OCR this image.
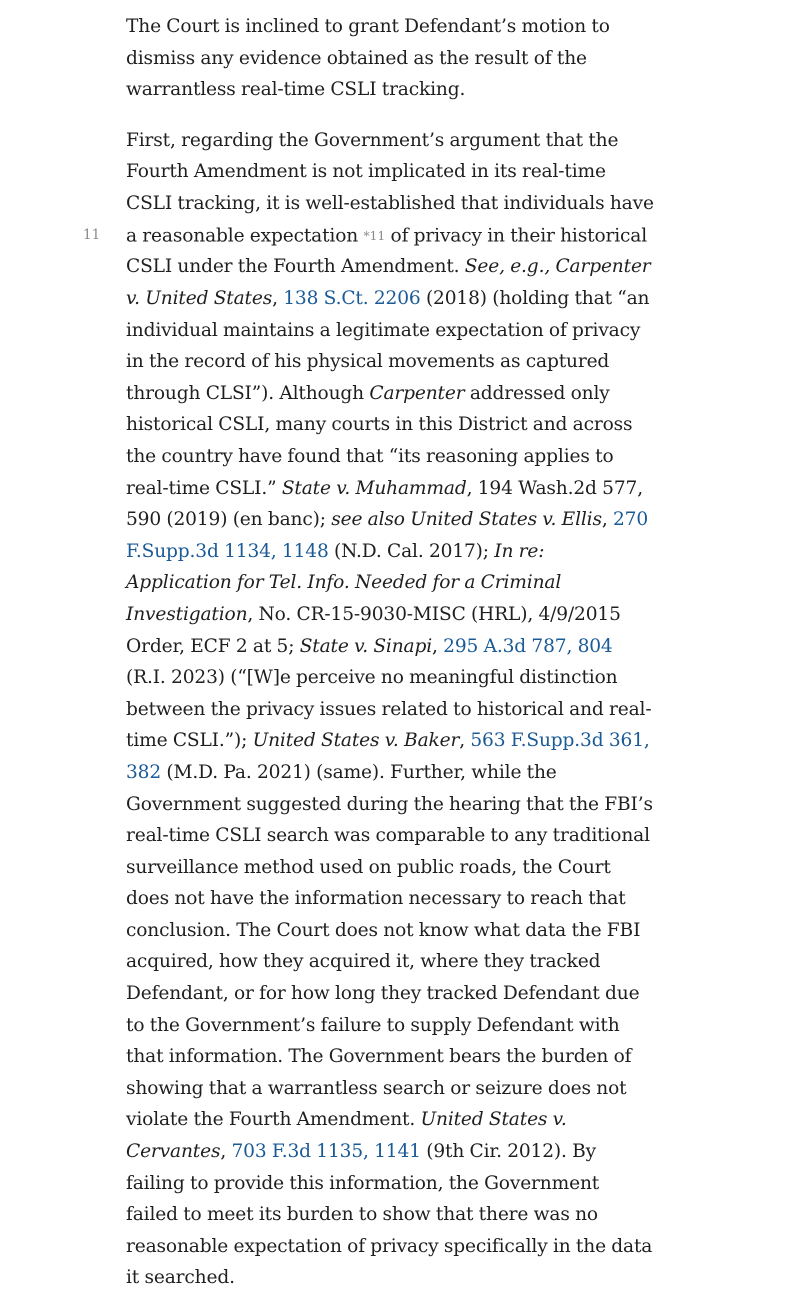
11

The Court is inclined to grant Defendant’s motion to dismiss any evidence obtained as the result of the warrantless real-time CSLI tracking.

First, regarding the Government’s argument that the Fourth Amendment is not implicated in its real-time CSLI tracking, it is well-established that individuals have a reasonable expectation *11 of privacy in their historical CSLI under the Fourth Amendment. See, e.g., Carpenter v. United States, 138 S.Ct. 2206 (2018) (holding that “an individual maintains a legitimate expectation of privacy in the record of his physical movements as captured through CLSI”). Although Carpenter addressed only historical CSLI, many courts in this District and across the country have found that “its reasoning applies to real-time CSLI.” State v. Muhammad, 194 Wash.2d 577, 590 (2019) (en banc); see also United States v. Ellis, 270 F.Supp.3d 1134, 1148 (N.D. Cal. 2017); In re: Application for Tel. Info. Needed for a Criminal Investigation, No. CR-15-9030-MISC (HRL), 4/9/2015 Order, ECF 2 at 5; State v. Sinapi, 295 A.3d 787, 804 (R.I. 2023) (“[W]e perceive no meaningful distinction between the privacy issues related to historical and real-time CSLI.”); United States v. Baker, 563 F.Supp.3d 361, 382 (M.D. Pa. 2021) (same). Further, while the Government suggested during the hearing that the FBI’s real-time CSLI search was comparable to any traditional surveillance method used on public roads, the Court does not have the information necessary to reach that conclusion. The Court does not know what data the FBI acquired, how they acquired it, where they tracked Defendant, or for how long they tracked Defendant due to the Government’s failure to supply Defendant with that information. The Government bears the burden of showing that a warrantless search or seizure does not violate the Fourth Amendment. United States v. Cervantes, 703 F.3d 1135, 1141 (9th Cir. 2012). By failing to provide this information, the Government failed to meet its burden to show that there was no reasonable expectation of privacy specifically in the data it searched.
